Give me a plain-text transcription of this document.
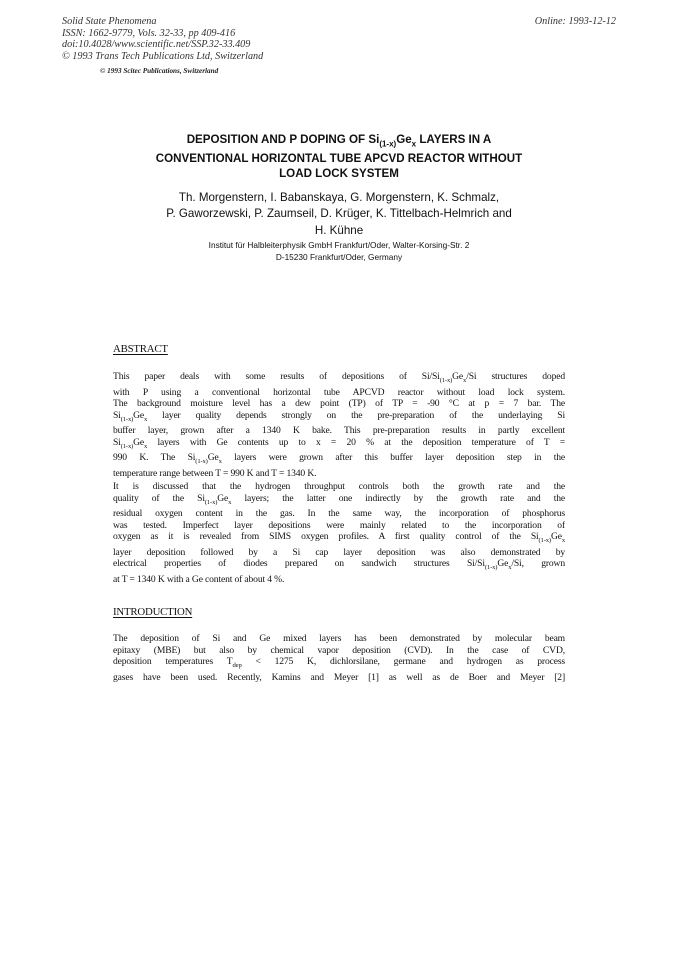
Solid State Phenomena
ISSN: 1662-9779, Vols. 32-33, pp 409-416
doi:10.4028/www.scientific.net/SSP.32-33.409
© 1993 Trans Tech Publications Ltd, Switzerland
Online: 1993-12-12
© 1993 Scitec Publications, Switzerland
DEPOSITION AND P DOPING OF $Si_{(1-x)}Ge_x$ LAYERS IN A
CONVENTIONAL HORIZONTAL TUBE APCVD REACTOR WITHOUT
LOAD LOCK SYSTEM
Th. Morgenstern, I. Babanskaya, G. Morgenstern, K. Schmalz,
P. Gaworzewski, P. Zaumseil, D. Krüger, K. Tittelbach-Helmrich and
H. Kühne
Institut für Halbleiterphysik GmbH Frankfurt/Oder, Walter-Korsing-Str. 2
D-15230 Frankfurt/Oder, Germany
ABSTRACT
This paper deals with some results of depositions of $Si/Si_{(1-x)}Ge_x/Si$ structures doped
with P using a conventional horizontal tube APCVD reactor without load lock system.
The background moisture level has a dew point (TP) of TP = -90 °C at p = 7 bar. The
$Si_{(1-x)}Ge_x$ layer quality depends strongly on the pre-preparation of the underlaying Si
buffer layer, grown after a 1340 K bake. This pre-preparation results in partly excellent
$Si_{(1-x)}Ge_x$ layers with Ge contents up to x = 20 % at the deposition temperature of T =
990 K. The $Si_{(1-x)}Ge_x$ layers were grown after this buffer layer deposition step in the
temperature range between T = 990 K and T = 1340 K.
It is discussed that the hydrogen throughput controls both the growth rate and the
quality of the $Si_{(1-x)}Ge_x$ layers; the latter one indirectly by the growth rate and the
residual oxygen content in the gas. In the same way, the incorporation of phosphorus
was tested. Imperfect layer depositions were mainly related to the incorporation of
oxygen as it is revealed from SIMS oxygen profiles. A first quality control of the $Si_{(1-x)}Ge_x$
layer deposition followed by a Si cap layer deposition was also demonstrated by
electrical properties of diodes prepared on sandwich structures $Si/Si_{(1-x)}Ge_x/Si$, grown
at T = 1340 K with a Ge content of about 4 %.
INTRODUCTION
The deposition of Si and Ge mixed layers has been demonstrated by molecular beam
epitaxy (MBE) but also by chemical vapor deposition (CVD). In the case of CVD,
deposition temperatures $T_{dep} < 1275$ K, dichlorsilane, germane and hydrogen as process
gases have been used. Recently, Kamins and Meyer [1] as well as de Boer and Meyer [2]
